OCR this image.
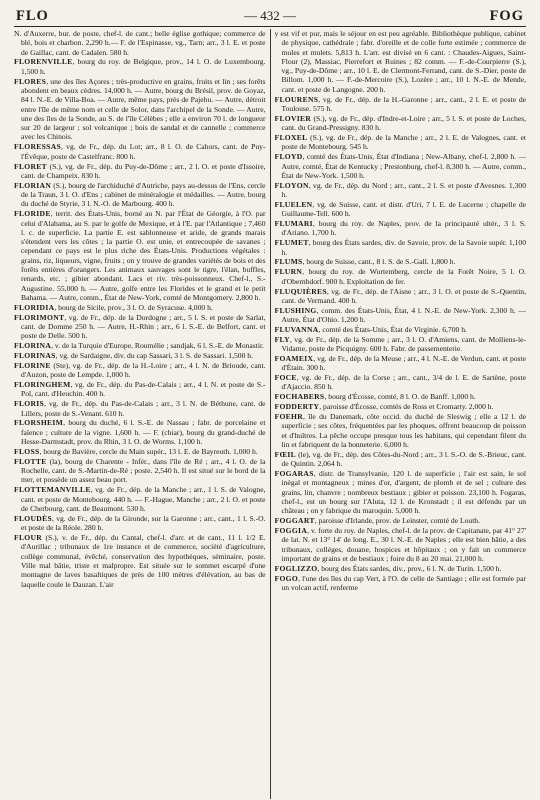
FLO	— 432 —	FOG
N. d'Auxerre, bur. de poste, chef-l. de cant.; belle église gothique; commerce de blé, bois et charbon. 2,290 h.— F. de l'Espinasse, vg., Tarn; arr., 3 l. E. et poste de Gaillac, cant. de Cadalen. 580 h.
FLORENVILLE, bourg du roy. de Belgique, prov., 14 l. O. de Luxembourg. 1,500 h.
FLORES, une des îles Açores ; très-productive en grains, fruits et lin ; ses forêts abondent en beaux cèdres. 14,000 h. — Autre, bourg du Brésil, prov. de Goyaz, 84 l. N.-E. de Villa-Boa. — Autre, même pays, près de Pajehu. — Autre, détroit entre l'île de même nom et celle de Solor, dans l'archipel de la Sonde. — Autre, une des îles de la Sonde, au S. de l'île Célèbes ; elle a environ 70 l. de longueur sur 20 de largeur ; sol volcanique ; bois de sandal et de cannelle ; commerce avec les Chinois.
FLORESSAS, vg. de Fr., dép. du Lot; arr., 8 l. O. de Cahors, cant. de Puy-l'Évêque, poste de Castelfranc. 800 h.
FLORET (S.), vg. de Fr., dép. du Puy-de-Dôme ; arr., 2 l. O. et poste d'Issoire, cant. de Champeix. 830 h.
FLORIAN (S.), bourg de l'archiduché d'Autriche, pays au-dessus de l'Ens, cercle de la Traun, 3 l. O. d'Ens ; cabinet de minéralogie et médailles. — Autre, bourg du duché de Styrie, 3 l. N.-O. de Marbourg. 400 h.
FLORIDE, territ. des États-Unis, borné au N. par l'État de Géorgie, à l'O. par celui d'Alabama, au S. par le golfe de Mexique, et à l'E. par l'Atlantique ; 7,460 l. c. de superficie. La partie E. est sablonneuse et aride, de grands marais s'étendent vers les côtes ; la partie O. est unie, et entrecoupée de savanes ; cependant ce pays est le plus riche des États-Unis. Productions végétales : grains, riz, liqueurs, vigne, fruits ; on y trouve de grandes variétés de bois et des forêts entières d'orangers. Les animaux sauvages sont le tigre, l'élan, buffles, renards, etc. ; gibier abondant. Lacs et riv. très-poissonneux. Chef-l., S.-Augustine. 55,000 h. — Autre, golfe entre les Florides et le grand et le petit Bahama. — Autre, comm., État de New-York, comté de Montgomery. 2,800 h.
FLORIDIA, bourg de Sicile, prov., 3 l. O. de Syracuse. 4,000 h.
FLORIMONT, vg. de Fr., dép. de la Dordogne ; arr., 5 l. S. et poste de Sarlat, cant. de Domme 250 h. — Autre, H.-Rhin ; arr., 6 l. S.-E. de Belfort, cant. et poste de Delle. 500 h.
FLORINA, v. de la Turquie d'Europe, Roumélie ; sandjak, 6 l. S.-E. de Monastir.
FLORINAS, vg. de Sardaigne, div. du cap Sassari, 3 l. S. de Sassari. 1,500 h.
FLORINE (Ste), vg. de Fr., dép. de la H.-Loire ; arr., 4 l. N. de Brioude, cant. d'Auzon, poste de Lempde. 1,000 h.
FLORINGHEM, vg. de Fr., dép. du Pas-de-Calais ; arr., 4 l. N. et poste de S.-Pol, cant. d'Heuchin. 400 h.
FLORIS, vg. de Fr., dép. du Pas-de-Calais ; arr., 3 l. N. de Béthune, cant. de Lillers, poste de S.-Venant. 610 h.
FLORSHEIM, bourg du duché, 6 l. S.-E. de Nassau ; fabr. de porcelaine et faïence ; culture de la vigne. 1,600 h. — F. (chiar), bourg du grand-duché de Hesse-Darmstadt, prov. du Rhin, 3 l. O. de Worms. 1,100 h.
FLOSS, bourg de Bavière, cercle du Main supér., 13 l. E. de Bayreuth. 1,000 h.
FLOTTE (la), bourg de Charente - Infér., dans l'île de Ré ; arr., 4 l. O. de la Rochelle, cant. de S.-Martin-de-Ré ; poste. 2,540 h. Il est situé sur le bord de la mer, et possède un assez beau port.
FLOTTEMANVILLE, vg. de Fr., dép. de la Manche ; arr., 1 l. S. de Valogne, cant. et poste de Montebourg. 440 h. — F.-Hague, Manche ; arr., 2 l. O. et poste de Cherbourg, cant. de Beaumont. 530 h.
FLOUDÈS, vg. de Fr., dép. de la Gironde, sur la Garonne ; arr., cant., 1 l. S.-O. et poste de la Réole. 280 h.
FLOUR (S.), v. de Fr., dép. du Cantal, chef-l. d'arr. et de cant., 11 l. 1/2 E. d'Aurillac ; tribunaux de 1re instance et de commerce, société d'agriculture, collège communal, évêché, conservation des hypothèques, séminaire, poste. Ville mal bâtie, triste et malpropre. Est située sur le sommet escarpé d'une montagne de laves basaltiques de près de 100 mètres d'élévation, au bas de laquelle coule le Dauzan. L'air
y est vif et pur, mais le séjour en est peu agréable. Bibliothèque publique, cabinet de physique, cathédrale ; fabr. d'oreille et de colle forte estimée ; commerce de mules et mulets. 5,813 h. L'arr. est divisé en 6 cant. : Chaudes-Aigues, Saint-Flour (2), Massiac, Pierrefort et Ruines ; 82 comm. — F.-de-Courpierre (S.), vg., Puy-de-Dôme ; arr., 10 l. E. de Clermont-Ferrand, cant. de S.-Dier, poste de Billom. 1,000 h. — F.-de-Mercoire (S.), Lozère ; arr., 10 l. N.-E. de Mende, cant. et poste de Langogne. 200 h.
FLOURENS, vg. de Fr., dép. de la H.-Garonne ; arr., cant., 2 l. E. et poste de Toulouse. 575 h.
FLOVIER (S.), vg. de Fr., dép. d'Indre-et-Loire ; arr., 5 l. S. et poste de Loches, cant. du Grand-Pressigny. 830 h.
FLOXEL (S.), vg. de Fr., dép. de la Manche ; arr., 2 l. E. de Valognes, cant. et poste de Montebourg. 545 h.
FLOYD, comté des États-Unis, État d'Indiana ; New-Albany, chef-l. 2,800 h. — Autre, comté, État de Kentucky ; Prestonburg, chef-l. 8,300 h. — Autre, comm., État de New-York. 1,500 h.
FLOYON, vg. de Fr., dép. du Nord ; arr., cant., 2 l. S. et poste d'Avesnes. 1,300 h.
FLUELEN, vg. de Suisse, cant. et distr. d'Uri, 7 l. E. de Lucerne ; chapelle de Guillaume-Tell. 600 h.
FLUMARI, bourg du roy. de Naples, prov. de la principauté ultér., 3 l. S. d'Ariano. 1,700 h.
FLUMET, bourg des États sardes, div. de Savoie, prov. de la Savoie supér. 1,100 h.
FLUMS, bourg de Suisse, cant., 8 l. S. de S.-Gall. 1,800 h.
FLURN, bourg du roy. de Wurtemberg, cercle de la Forêt Noire, 5 l. O. d'Obernbdorf. 900 h. Exploitation de fer.
FLUQUIÈRES, vg. de Fr., dép. de l'Aisne ; arr., 3 l. O. et poste de S.-Quentin, cant. de Vermand. 400 h.
FLUSHING, comm. des États-Unis, État, 4 l. N.-E. de New-York. 2,300 h. — Autre, État d'Ohio. 1,200 h.
FLUVANNA, comté des États-Unis, État de Virginie. 6,700 h.
FLY, vg. de Fr., dép. de la Somme ; arr., 3 l. O. d'Amiens, cant. de Molliens-le-Vidame, poste de Picquigny. 600 h. Fabr. de passementerie.
FOAMEIX, vg. de Fr., dép. de la Meuse ; arr., 4 l. N.-E. de Verdun, cant. et poste d'Étain. 300 h.
FOCE, vg. de Fr., dép. de la Corse ; arr., cant., 3/4 de l. E. de Sartène, poste d'Ajaccio. 850 h.
FOCHABERS, bourg d'Écosse, comté, 8 l. O. de Banff. 1,000 h.
FODDERTY, paroisse d'Écosse, comtés de Ross et Cromarty. 2,000 h.
FOEHR, île du Danemark, côte occid. du duché de Sleswig ; elle a 12 l. de superficie ; ses côtes, fréquentées par les phoques, offrent beaucoup de poisson et d'huîtres. La pêche occupe presque tous les habitans, qui cependant filent du lin et fabriquent de la bonneterie. 6,000 h.
FŒIL (le), vg. de Fr., dép. des Côtes-du-Nord ; arr., 3 l. S.-O. de S.-Brieuc, cant. de Quintin. 2,064 h.
FOGARAS, distr. de Transylvanie, 120 l. de superficie ; l'air est sain, le sol inégal et montagneux ; mines d'or, d'argent, de plomb et de sel ; culture des grains, lin, chanvre ; nombreux bestiaux ; gibier et poisson. 23,100 h. Fogaras, chef-l., est un bourg sur l'Aluta, 12 l. de Kronstadt ; il est défendu par un château ; on y fabrique du maroquin. 5,000 h.
FOGGART, paroisse d'Irlande, prov. de Leinster, comté de Louth.
FOGGIA, v. forte du roy. de Naples, chef-l. de la prov. de Capitanate, par 41° 27' de lat. N. et 13° 14' de long. E., 30 l. N.-E. de Naples ; elle est bien bâtie, a des tribunaux, colléges, douane, hospices et hôpitaux ; on y fait un commerce important de grains et de bestiaux ; foire du 8 au 20 mai. 21,000 h.
FOGLIZZO, bourg des États sardes, div., prov., 6 l. N. de Turin. 1,500 h.
FOGO, l'une des îles du cap Vert, à l'O. de celle de Santiago ; elle est formée par un volcan actif, renferme
